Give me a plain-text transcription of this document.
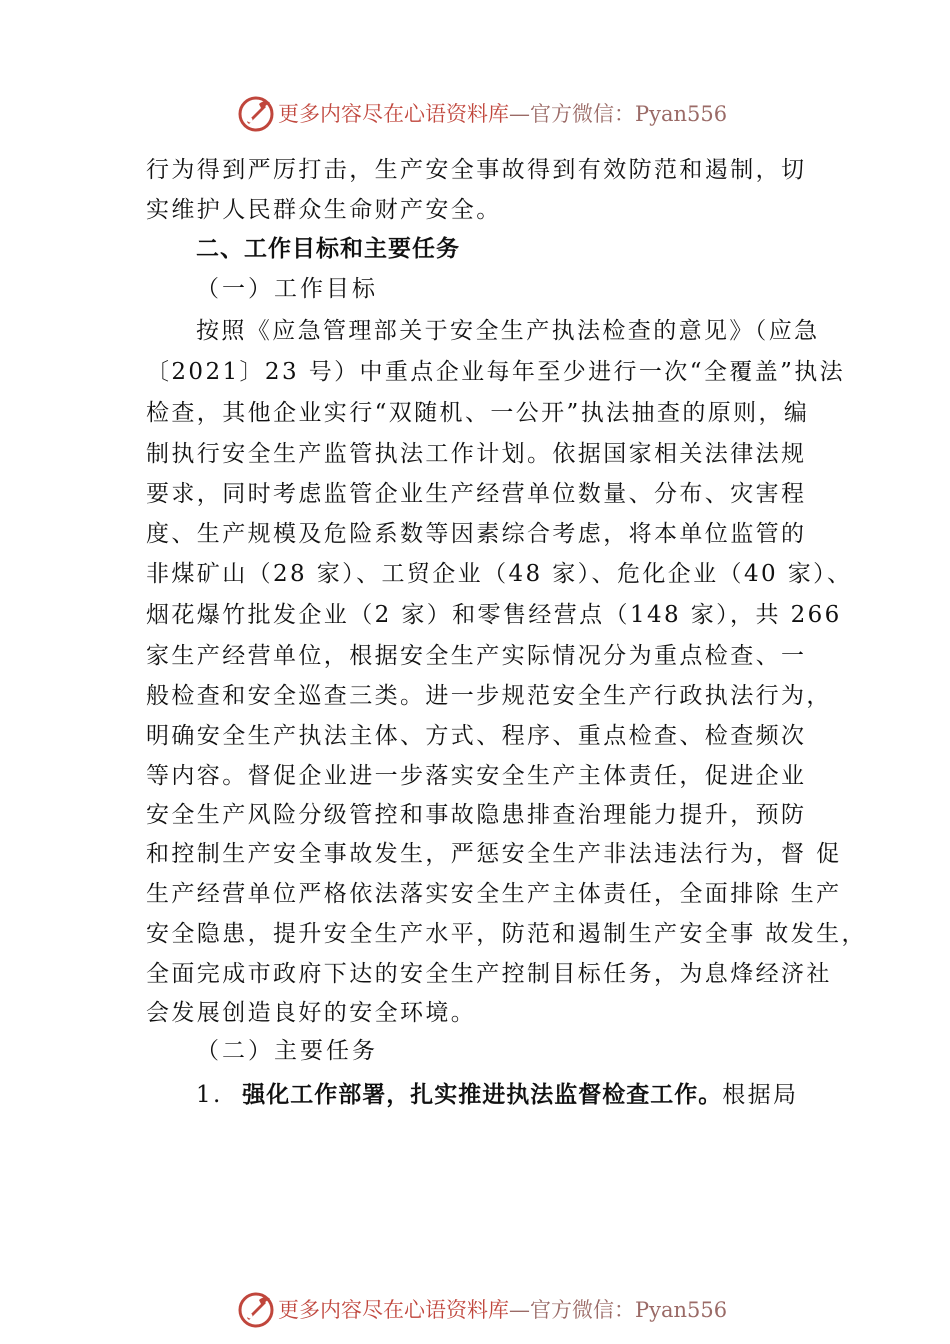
更多内容尽在心语资料库—官方微信：Pyan556
行为得到严厉打击，生产安全事故得到有效防范和遏制，切
实维护人民群众生命财产安全。
二、工作目标和主要任务
（一）工作目标
按照《应急管理部关于安全生产执法检查的意见》（应急
〔2021〕23 号）中重点企业每年至少进行一次“全覆盖”执法
检查，其他企业实行“双随机、一公开”执法抽查的原则，编
制执行安全生产监管执法工作计划。依据国家相关法律法规
要求，同时考虑监管企业生产经营单位数量、分布、灾害程
度、生产规模及危险系数等因素综合考虑，将本单位监管的
非煤矿山（28 家）、工贸企业（48 家）、危化企业（40 家）、
烟花爆竹批发企业（2 家）和零售经营点（148 家），共 266
家生产经营单位，根据安全生产实际情况分为重点检查、一
般检查和安全巡查三类。进一步规范安全生产行政执法行为，
明确安全生产执法主体、方式、程序、重点检查、检查频次
等内容。督促企业进一步落实安全生产主体责任，促进企业
安全生产风险分级管控和事故隐患排查治理能力提升，预防
和控制生产安全事故发生，严惩安全生产非法违法行为，督 促
生产经营单位严格依法落实安全生产主体责任，全面排除 生产
安全隐患，提升安全生产水平，防范和遏制生产安全事 故发生，
全面完成市政府下达的安全生产控制目标任务，为息烽经济社
会发展创造良好的安全环境。
（二）主要任务
1. 强化工作部署，扎实推进执法监督检查工作。根据局
更多内容尽在心语资料库—官方微信：Pyan556
